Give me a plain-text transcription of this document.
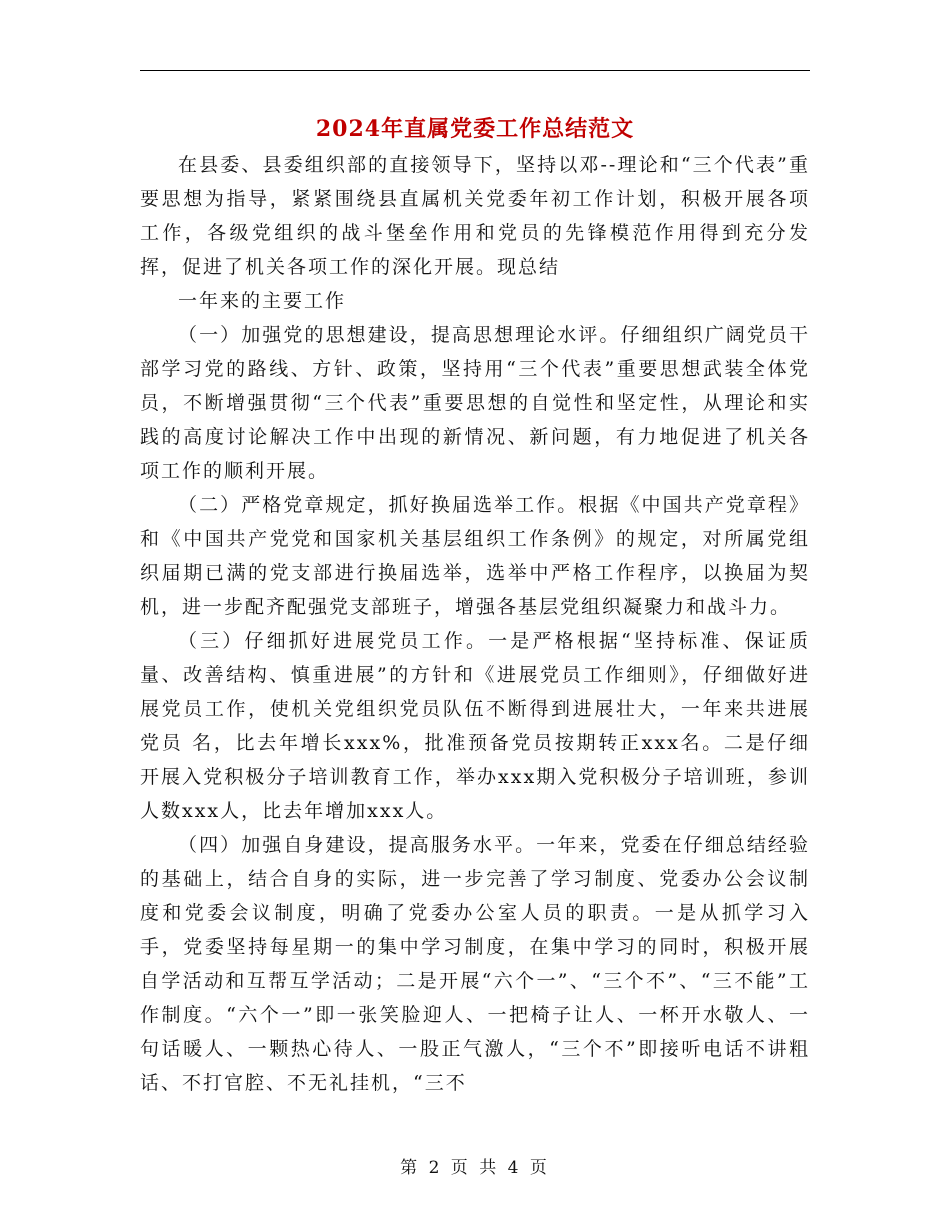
2024年直属党委工作总结范文

在县委、县委组织部的直接领导下，坚持以邓--理论和“三个代表”重要思想为指导，紧紧围绕县直属机关党委年初工作计划，积极开展各项工作，各级党组织的战斗堡垒作用和党员的先锋模范作用得到充分发挥，促进了机关各项工作的深化开展。现总结

一年来的主要工作

（一）加强党的思想建设，提高思想理论水评。仔细组织广阔党员干部学习党的路线、方针、政策，坚持用“三个代表”重要思想武装全体党员，不断增强贯彻“三个代表”重要思想的自觉性和坚定性，从理论和实践的高度讨论解决工作中出现的新情况、新问题，有力地促进了机关各项工作的顺利开展。

（二）严格党章规定，抓好换届选举工作。根据《中国共产党章程》和《中国共产党党和国家机关基层组织工作条例》的规定，对所属党组织届期已满的党支部进行换届选举，选举中严格工作程序，以换届为契机，进一步配齐配强党支部班子，增强各基层党组织凝聚力和战斗力。

（三）仔细抓好进展党员工作。一是严格根据“坚持标准、保证质量、改善结构、慎重进展”的方针和《进展党员工作细则》，仔细做好进展党员工作，使机关党组织党员队伍不断得到进展壮大，一年来共进展党员 名，比去年增长xxx%，批准预备党员按期转正xxx名。二是仔细开展入党积极分子培训教育工作，举办xxx期入党积极分子培训班，参训人数xxx人，比去年增加xxx人。

（四）加强自身建设，提高服务水平。一年来，党委在仔细总结经验的基础上，结合自身的实际，进一步完善了学习制度、党委办公会议制度和党委会议制度，明确了党委办公室人员的职责。一是从抓学习入手，党委坚持每星期一的集中学习制度，在集中学习的同时，积极开展自学活动和互帮互学活动；二是开展“六个一”、“三个不”、“三不能”工作制度。“六个一”即一张笑脸迎人、一把椅子让人、一杯开水敬人、一句话暖人、一颗热心待人、一股正气激人，“三个不”即接听电话不讲粗话、不打官腔、不无礼挂机，“三不

第 2 页 共 4 页
